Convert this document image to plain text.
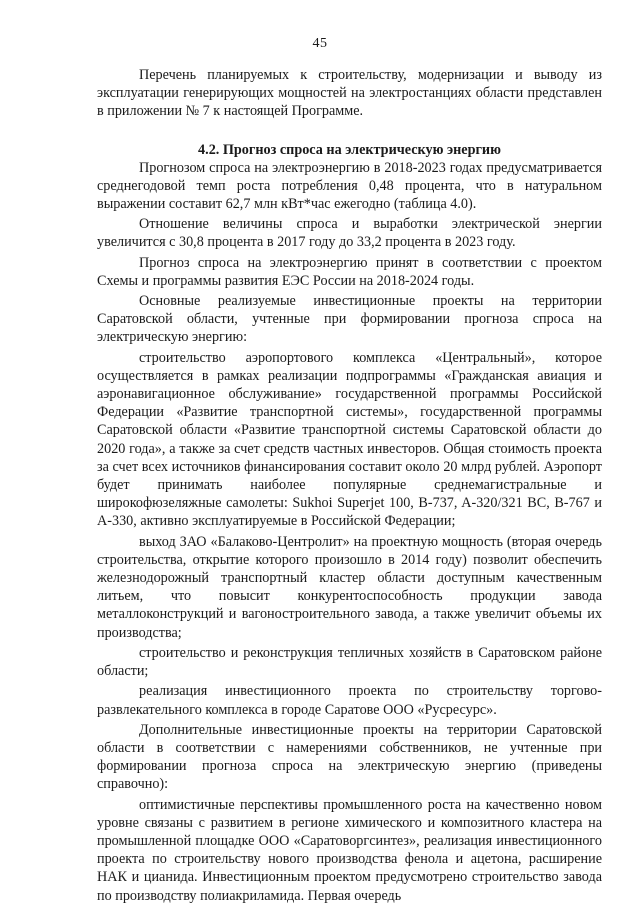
45

Перечень планируемых к строительству, модернизации и выводу из эксплуатации генерирующих мощностей на электростанциях области представлен в приложении № 7 к настоящей Программе.

4.2. Прогноз спроса на электрическую энергию

Прогнозом спроса на электроэнергию в 2018-2023 годах предусматривается среднегодовой темп роста потребления 0,48 процента, что в натуральном выражении составит 62,7 млн кВт*час ежегодно (таблица 4.0).

Отношение величины спроса и выработки электрической энергии увеличится с 30,8 процента в 2017 году до 33,2 процента в 2023 году.

Прогноз спроса на электроэнергию принят в соответствии с проектом Схемы и программы развития ЕЭС России на 2018-2024 годы.

Основные реализуемые инвестиционные проекты на территории Саратовской области, учтенные при формировании прогноза спроса на электрическую энергию:

строительство аэропортового комплекса «Центральный», которое осуществляется в рамках реализации подпрограммы «Гражданская авиация и аэронавигационное обслуживание» государственной программы Российской Федерации «Развитие транспортной системы», государственной программы Саратовской области «Развитие транспортной системы Саратовской области до 2020 года», а также за счет средств частных инвесторов. Общая стоимость проекта за счет всех источников финансирования составит около 20 млрд рублей. Аэропорт будет принимать наиболее популярные среднемагистральные и широкофюзеляжные самолеты: Sukhoi Superjet 100, B-737, A-320/321 BC, B-767 и A-330, активно эксплуатируемые в Российской Федерации;

выход ЗАО «Балаково-Центролит» на проектную мощность (вторая очередь строительства, открытие которого произошло в 2014 году) позволит обеспечить железнодорожный транспортный кластер области доступным качественным литьем, что повысит конкурентоспособность продукции завода металлоконструкций и вагоностроительного завода, а также увеличит объемы их производства;

строительство и реконструкция тепличных хозяйств в Саратовском районе области;

реализация инвестиционного проекта по строительству торгово-развлекательного комплекса в городе Саратове ООО «Русресурс».

Дополнительные инвестиционные проекты на территории Саратовской области в соответствии с намерениями собственников, не учтенные при формировании прогноза спроса на электрическую энергию (приведены справочно):

оптимистичные перспективы промышленного роста на качественно новом уровне связаны с развитием в регионе химического и композитного кластера на промышленной площадке ООО «Саратоворгсинтез», реализация инвестиционного проекта по строительству нового производства фенола и ацетона, расширение НАК и цианида. Инвестиционным проектом предусмотрено строительство завода по производству полиакриламида. Первая очередь
